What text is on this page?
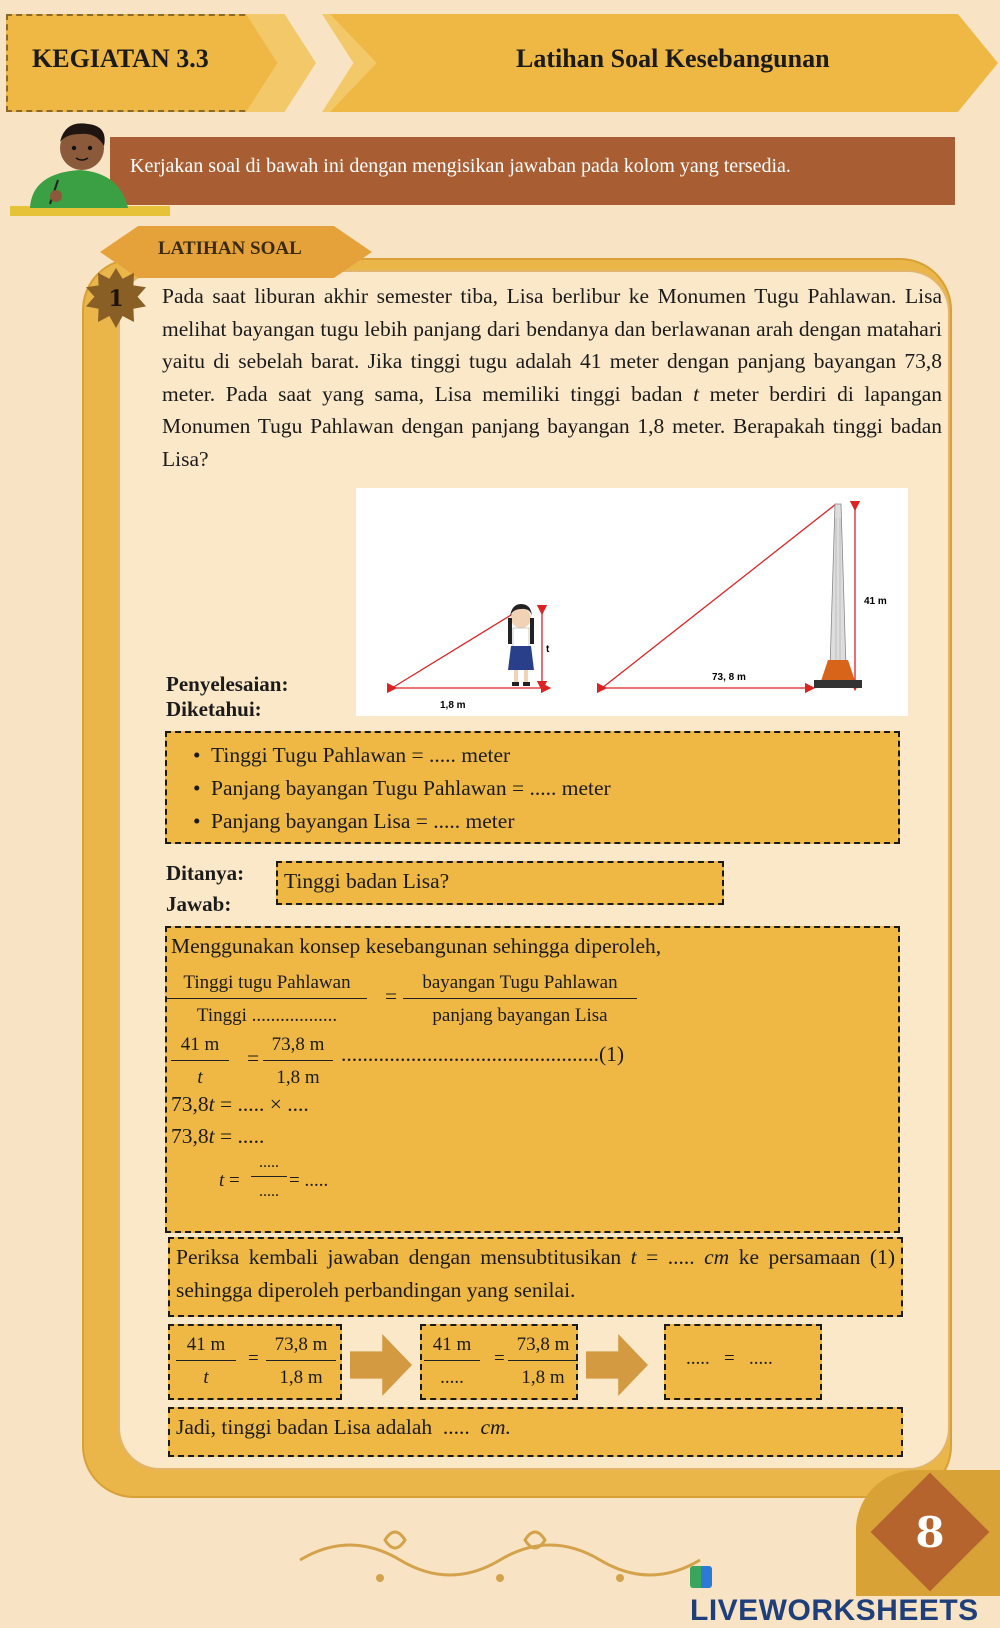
KEGIATAN 3.3	Latihan Soal Kesebangunan
Kerjakan soal di bawah ini dengan mengisikan jawaban pada kolom yang tersedia.
LATIHAN SOAL
1	Pada saat liburan akhir semester tiba, Lisa berlibur ke Monumen Tugu Pahlawan. Lisa melihat bayangan tugu lebih panjang dari bendanya dan berlawanan arah dengan matahari yaitu di sebelah barat. Jika tinggi tugu adalah 41 meter dengan panjang bayangan 73,8 meter. Pada saat yang sama, Lisa memiliki tinggi badan t meter berdiri di lapangan Monumen Tugu Pahlawan dengan panjang bayangan 1,8 meter. Berapakah tinggi badan Lisa?
1,8 m
t
73, 8 m
41 m
Penyelesaian:
Diketahui:
• Tinggi Tugu Pahlawan = ..... meter
• Panjang bayangan Tugu Pahlawan = ..... meter
• Panjang bayangan Lisa = ..... meter
Ditanya:
Jawab:
Tinggi badan Lisa?
Menggunakan konsep kesebangunan sehingga diperoleh,
Tinggi tugu Pahlawan
Tinggi ..................
=
bayangan Tugu Pahlawan
panjang bayangan Lisa
$\frac{41 m}{t} = \frac{73,8 m}{1,8 m} ................................................(1)$
73,8t = ..... × ....
73,8t = .....
t =
.....
.....
= .....
Periksa kembali jawaban dengan mensubtitusikan t = ..... cm ke persamaan (1) sehingga diperoleh perbandingan yang senilai.
$\frac{41 m}{t} = \frac{73,8 m}{1,8 m}$	41 m
.....
= $\frac{73,8 m}{1,8 m}$	.....   =   .....
Jadi, tinggi badan Lisa adalah  .....  cm.
8
LIVEWORKSHEETS
